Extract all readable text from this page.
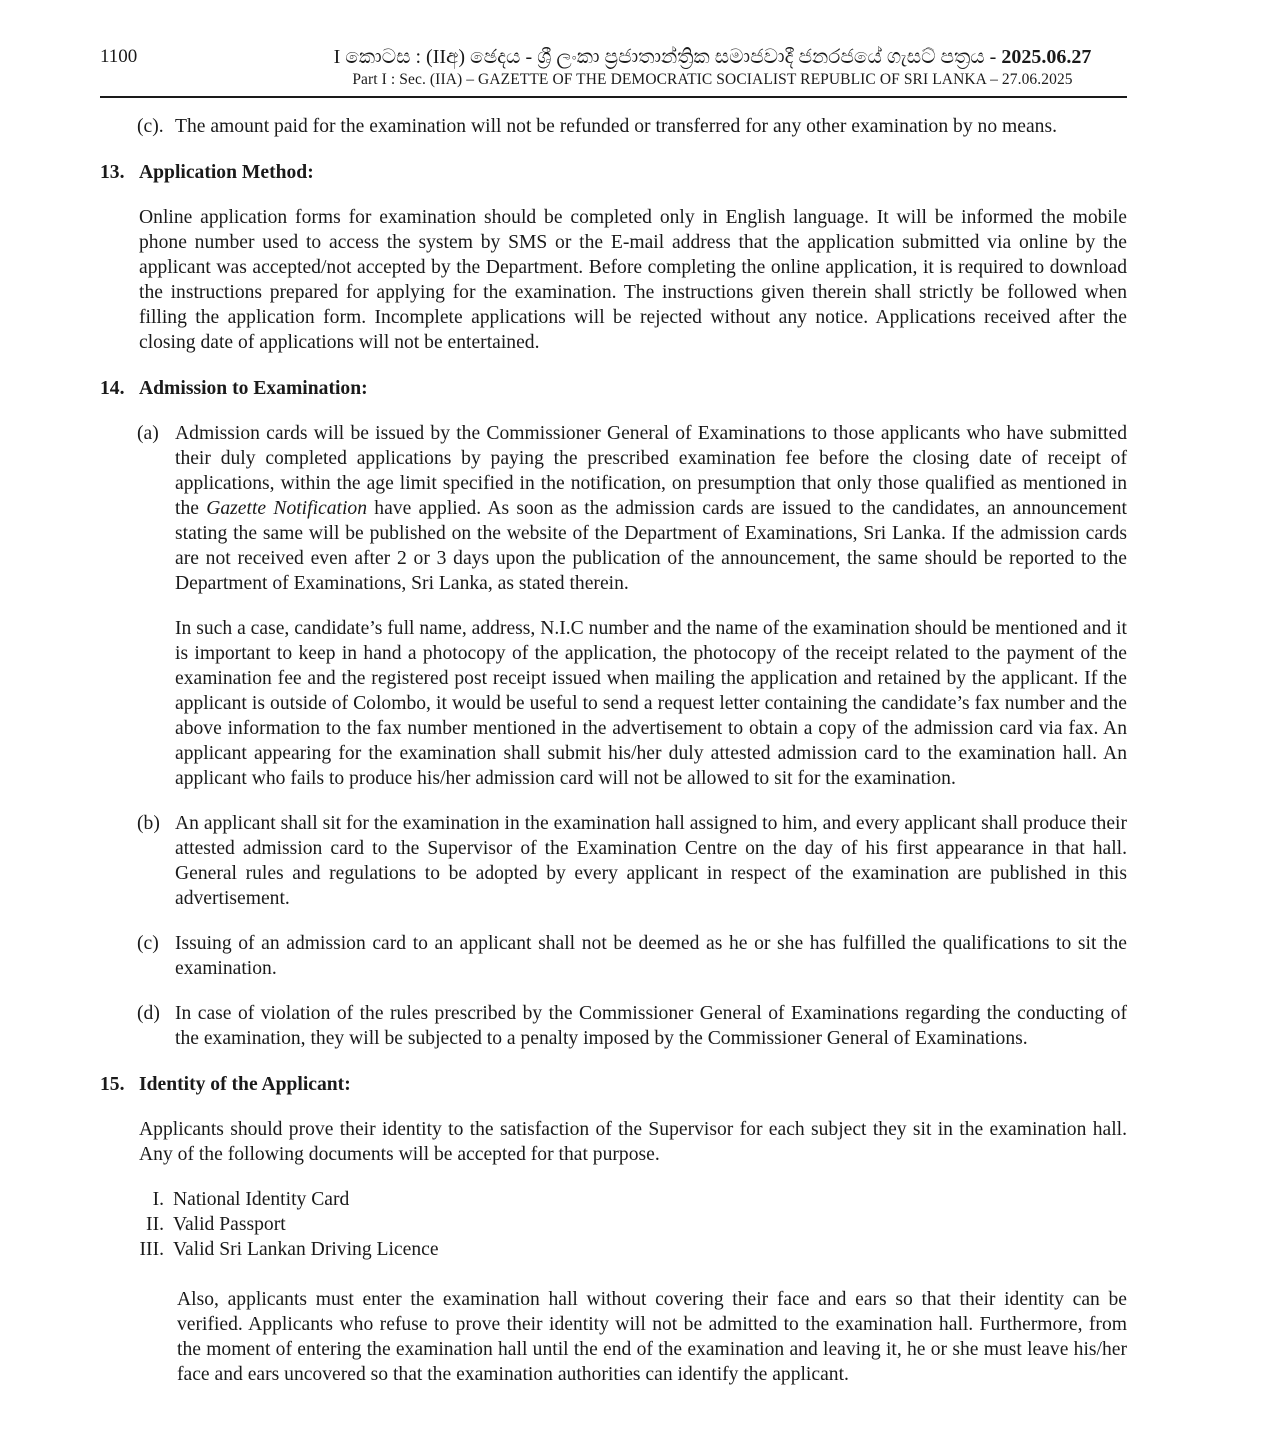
1100	I කොටස : (IIඅ) ඡෙදය - ශ්‍රී ලංකා ප්‍රජාතාන්ත්‍රික සමාජවාදී ජනරජයේ ගැසට් පත්‍රය - 2025.06.27
Part I : Sec. (IIA) – GAZETTE OF THE DEMOCRATIC SOCIALIST REPUBLIC OF SRI LANKA – 27.06.2025
(c). The amount paid for the examination will not be refunded or transferred for any other examination by no means.

13. Application Method:

Online application forms for examination should be completed only in English language. It will be informed the mobile phone number used to access the system by SMS or the E-mail address that the application submitted via online by the applicant was accepted/not accepted by the Department. Before completing the online application, it is required to download the instructions prepared for applying for the examination. The instructions given therein shall strictly be followed when filling the application form. Incomplete applications will be rejected without any notice. Applications received after the closing date of applications will not be entertained.

14. Admission to Examination:
(a) Admission cards will be issued by the Commissioner General of Examinations to those applicants who have submitted their duly completed applications by paying the prescribed examination fee before the closing date of receipt of applications, within the age limit specified in the notification, on presumption that only those qualified as mentioned in the Gazette Notification have applied. As soon as the admission cards are issued to the candidates, an announcement stating the same will be published on the website of the Department of Examinations, Sri Lanka. If the admission cards are not received even after 2 or 3 days upon the publication of the announcement, the same should be reported to the Department of Examinations, Sri Lanka, as stated therein.

In such a case, candidate’s full name, address, N.I.C number and the name of the examination should be mentioned and it is important to keep in hand a photocopy of the application, the photocopy of the receipt related to the payment of the examination fee and the registered post receipt issued when mailing the application and retained by the applicant. If the applicant is outside of Colombo, it would be useful to send a request letter containing the candidate’s fax number and the above information to the fax number mentioned in the advertisement to obtain a copy of the admission card via fax. An applicant appearing for the examination shall submit his/her duly attested admission card to the examination hall. An applicant who fails to produce his/her admission card will not be allowed to sit for the examination.

(b) An applicant shall sit for the examination in the examination hall assigned to him, and every applicant shall produce their attested admission card to the Supervisor of the Examination Centre on the day of his first appearance in that hall. General rules and regulations to be adopted by every applicant in respect of the examination are published in this advertisement.

(c) Issuing of an admission card to an applicant shall not be deemed as he or she has fulfilled the qualifications to sit the examination.

(d) In case of violation of the rules prescribed by the Commissioner General of Examinations regarding the conducting of the examination, they will be subjected to a penalty imposed by the Commissioner General of Examinations.

15. Identity of the Applicant:

Applicants should prove their identity to the satisfaction of the Supervisor for each subject they sit in the examination hall. Any of the following documents will be accepted for that purpose.

I. National Identity Card
II. Valid Passport
III. Valid Sri Lankan Driving Licence

Also, applicants must enter the examination hall without covering their face and ears so that their identity can be verified. Applicants who refuse to prove their identity will not be admitted to the examination hall. Furthermore, from the moment of entering the examination hall until the end of the examination and leaving it, he or she must leave his/her face and ears uncovered so that the examination authorities can identify the applicant.
